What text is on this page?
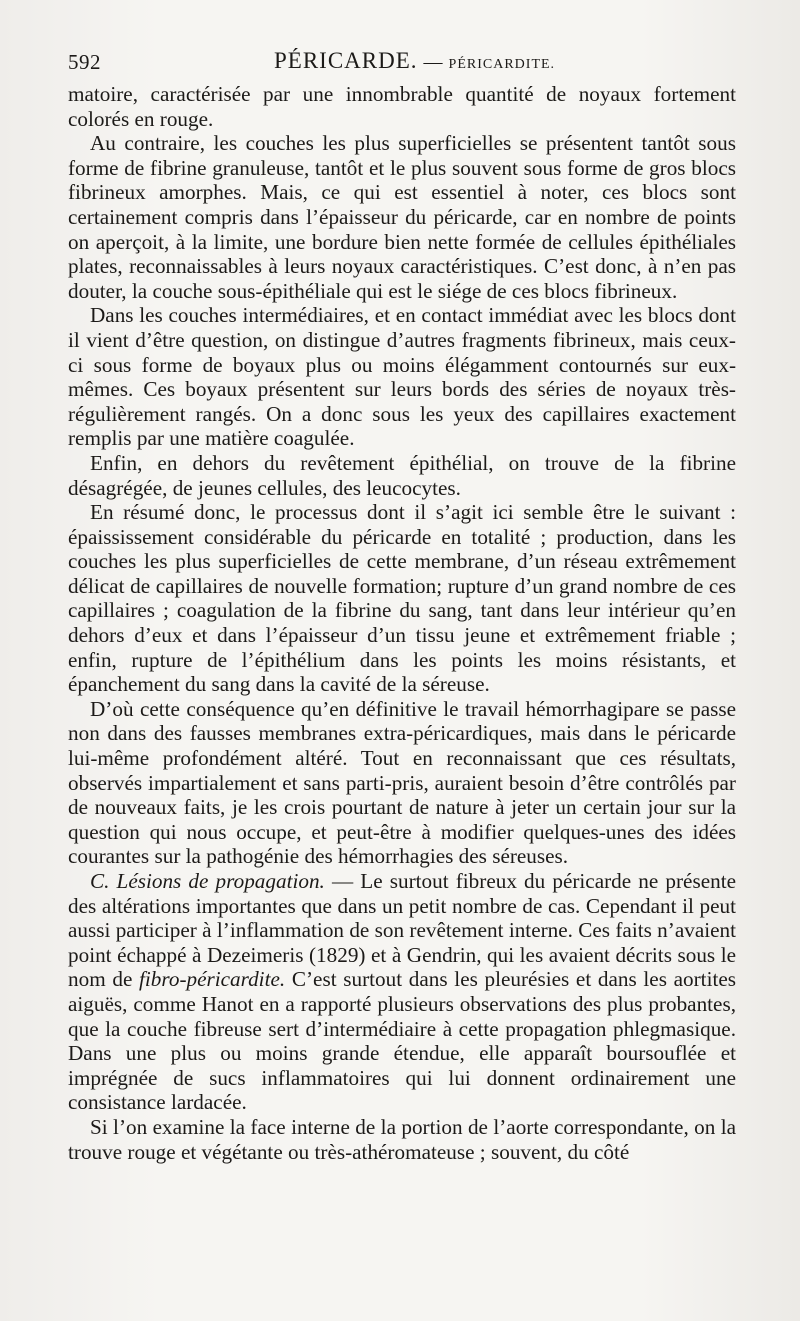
592	PÉRICARDE. — PÉRICARDITE.

matoire, caractérisée par une innombrable quantité de noyaux fortement colorés en rouge.

Au contraire, les couches les plus superficielles se présentent tantôt sous forme de fibrine granuleuse, tantôt et le plus souvent sous forme de gros blocs fibrineux amorphes. Mais, ce qui est essentiel à noter, ces blocs sont certainement compris dans l’épaisseur du péricarde, car en nombre de points on aperçoit, à la limite, une bordure bien nette formée de cellules épithéliales plates, reconnaissables à leurs noyaux caractéristiques. C’est donc, à n’en pas douter, la couche sous-épithéliale qui est le siége de ces blocs fibrineux.

Dans les couches intermédiaires, et en contact immédiat avec les blocs dont il vient d’être question, on distingue d’autres fragments fibrineux, mais ceux-ci sous forme de boyaux plus ou moins élégamment contournés sur eux-mêmes. Ces boyaux présentent sur leurs bords des séries de noyaux très-régulièrement rangés. On a donc sous les yeux des capillaires exactement remplis par une matière coagulée.

Enfin, en dehors du revêtement épithélial, on trouve de la fibrine désagrégée, de jeunes cellules, des leucocytes.

En résumé donc, le processus dont il s’agit ici semble être le suivant : épaississement considérable du péricarde en totalité ; production, dans les couches les plus superficielles de cette membrane, d’un réseau extrêmement délicat de capillaires de nouvelle formation; rupture d’un grand nombre de ces capillaires ; coagulation de la fibrine du sang, tant dans leur intérieur qu’en dehors d’eux et dans l’épaisseur d’un tissu jeune et extrêmement friable ; enfin, rupture de l’épithélium dans les points les moins résistants, et épanchement du sang dans la cavité de la séreuse.

D’où cette conséquence qu’en définitive le travail hémorrhagipare se passe non dans des fausses membranes extra-péricardiques, mais dans le péricarde lui-même profondément altéré. Tout en reconnaissant que ces résultats, observés impartialement et sans parti-pris, auraient besoin d’être contrôlés par de nouveaux faits, je les crois pourtant de nature à jeter un certain jour sur la question qui nous occupe, et peut-être à modifier quelques-unes des idées courantes sur la pathogénie des hémorrhagies des séreuses.

C. Lésions de propagation. — Le surtout fibreux du péricarde ne présente des altérations importantes que dans un petit nombre de cas. Cependant il peut aussi participer à l’inflammation de son revêtement interne. Ces faits n’avaient point échappé à Dezeimeris (1829) et à Gendrin, qui les avaient décrits sous le nom de fibro-péricardite. C’est surtout dans les pleurésies et dans les aortites aiguës, comme Hanot en a rapporté plusieurs observations des plus probantes, que la couche fibreuse sert d’intermédiaire à cette propagation phlegmasique. Dans une plus ou moins grande étendue, elle apparaît boursouflée et imprégnée de sucs inflammatoires qui lui donnent ordinairement une consistance lardacée.

Si l’on examine la face interne de la portion de l’aorte correspondante, on la trouve rouge et végétante ou très-athéromateuse ; souvent, du côté
